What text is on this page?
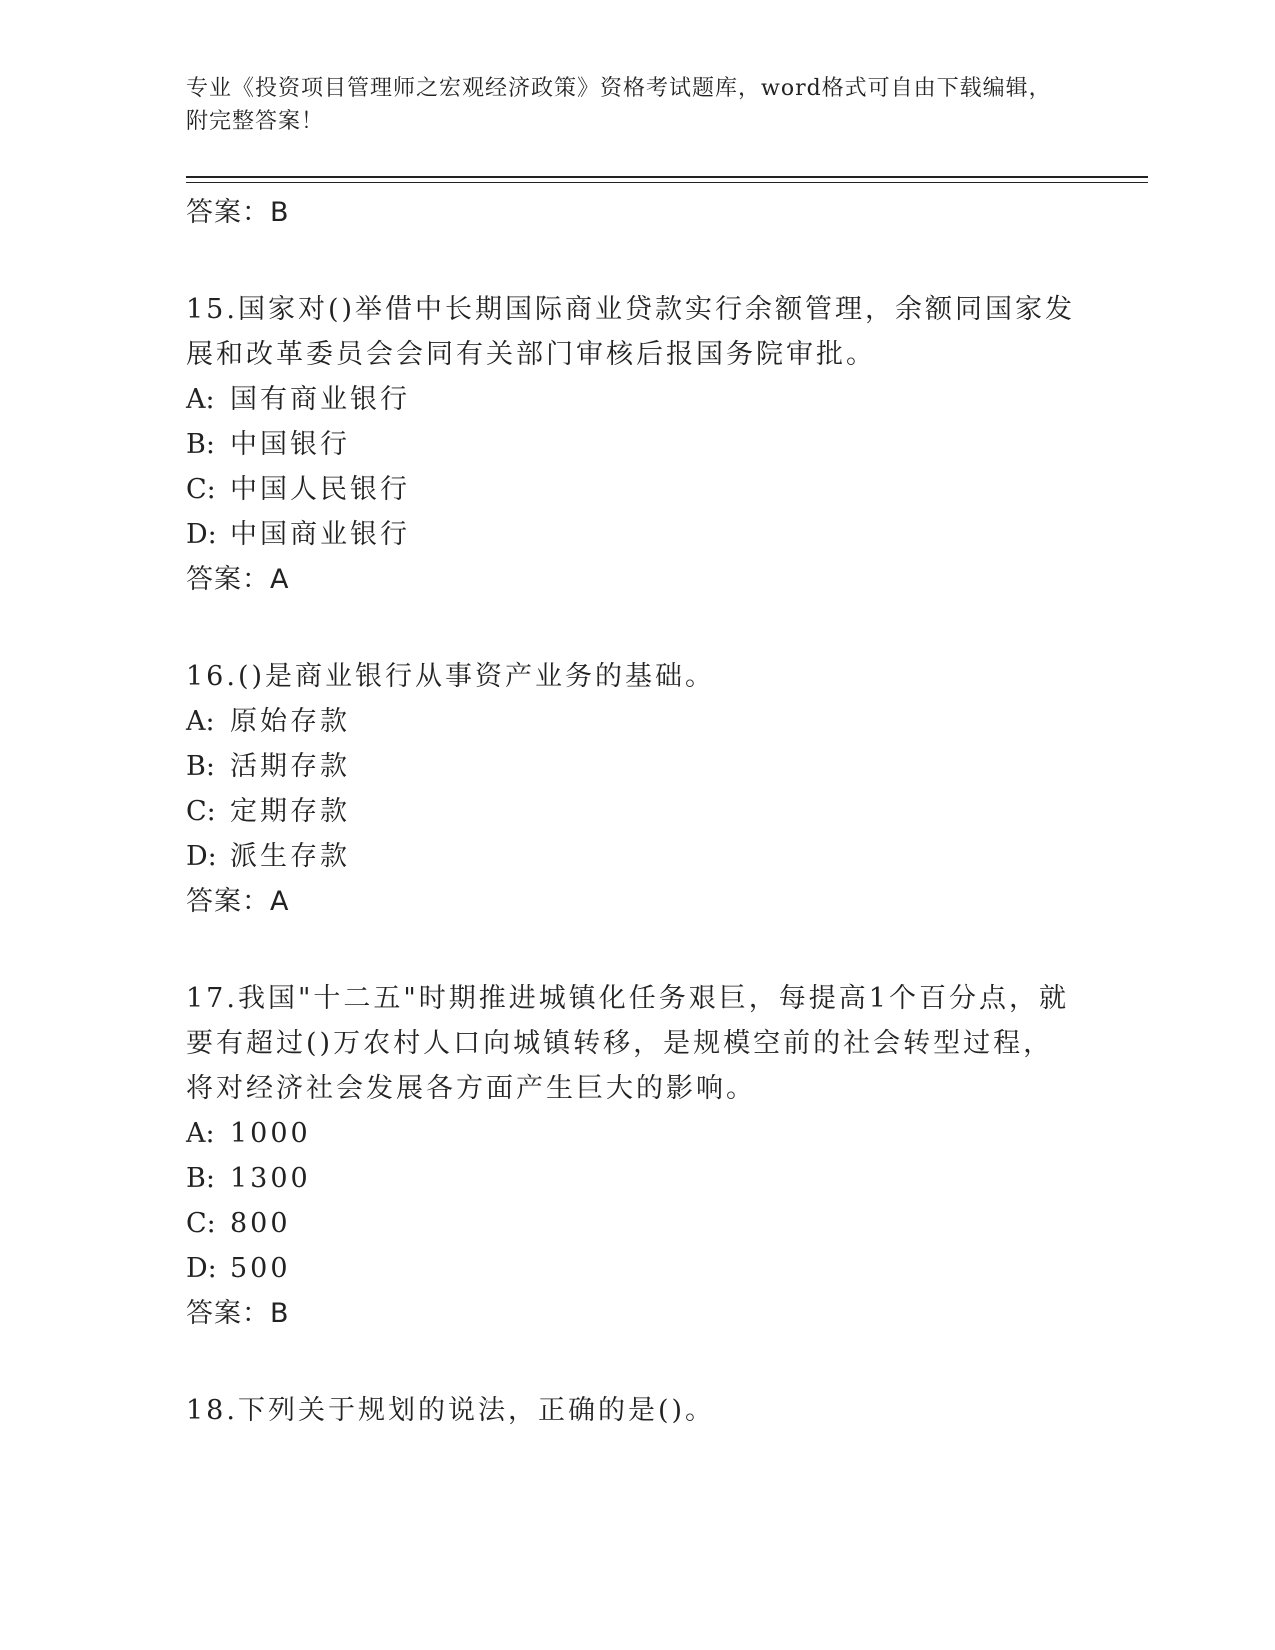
专业《投资项目管理师之宏观经济政策》资格考试题库，word格式可自由下载编辑，附完整答案！
答案：B
15.国家对()举借中长期国际商业贷款实行余额管理，余额同国家发展和改革委员会会同有关部门审核后报国务院审批。
A: 国有商业银行
B: 中国银行
C: 中国人民银行
D: 中国商业银行
答案：A
16.()是商业银行从事资产业务的基础。
A: 原始存款
B: 活期存款
C: 定期存款
D: 派生存款
答案：A
17.我国"十二五"时期推进城镇化任务艰巨，每提高1个百分点，就要有超过()万农村人口向城镇转移，是规模空前的社会转型过程，将对经济社会发展各方面产生巨大的影响。
A: 1000
B: 1300
C: 800
D: 500
答案：B
18.下列关于规划的说法，正确的是()。
